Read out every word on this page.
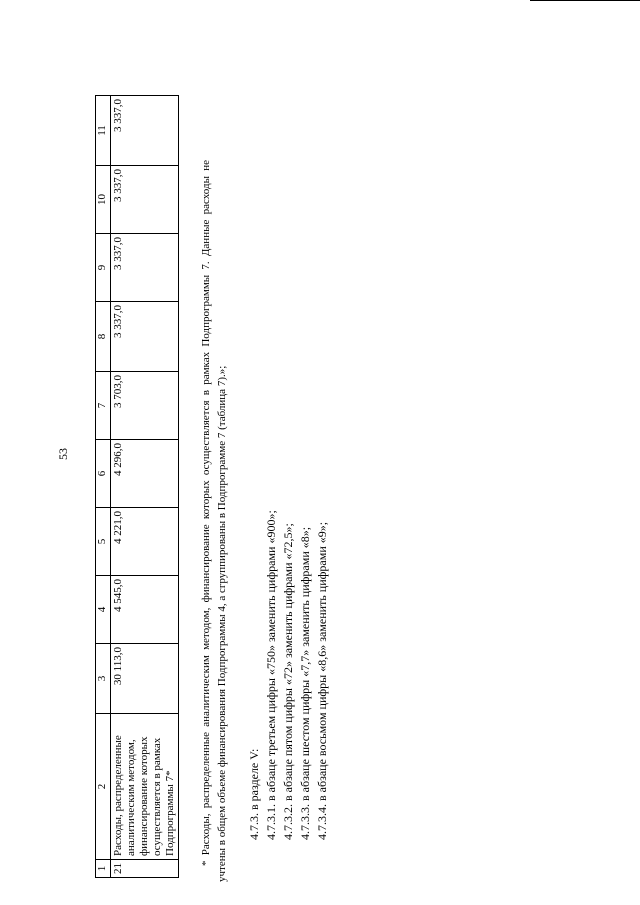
53
1	2	3	4	5	6	7	8	9	10	11
21	Расходы, распределенные аналитическим методом, финансирование которых осуществляется в рамках Подпрограммы 7*	30 113,0	4 545,0	4 221,0	4 296,0	3 703,0	3 337,0	3 337,0	3 337,0	3 337,0
* Расходы, распределенные аналитическим методом, финансирование которых осуществляется в рамках Подпрограммы 7. Данные расходы не учтены в общем объеме финансирования Подпрограммы 4, а сгруппированы в Подпрограмме 7 (таблица 7).»; 4.7.3. в разделе V: 4.7.3.1. в абзаце третьем цифры «750» заменить цифрами «900»; 4.7.3.2. в абзаце пятом цифры «72» заменить цифрами «72,5»; 4.7.3.3. в абзаце шестом цифры «7,7» заменить цифрами «8»; 4.7.3.4. в абзаце восьмом цифры «8,6» заменить цифрами «9»;
